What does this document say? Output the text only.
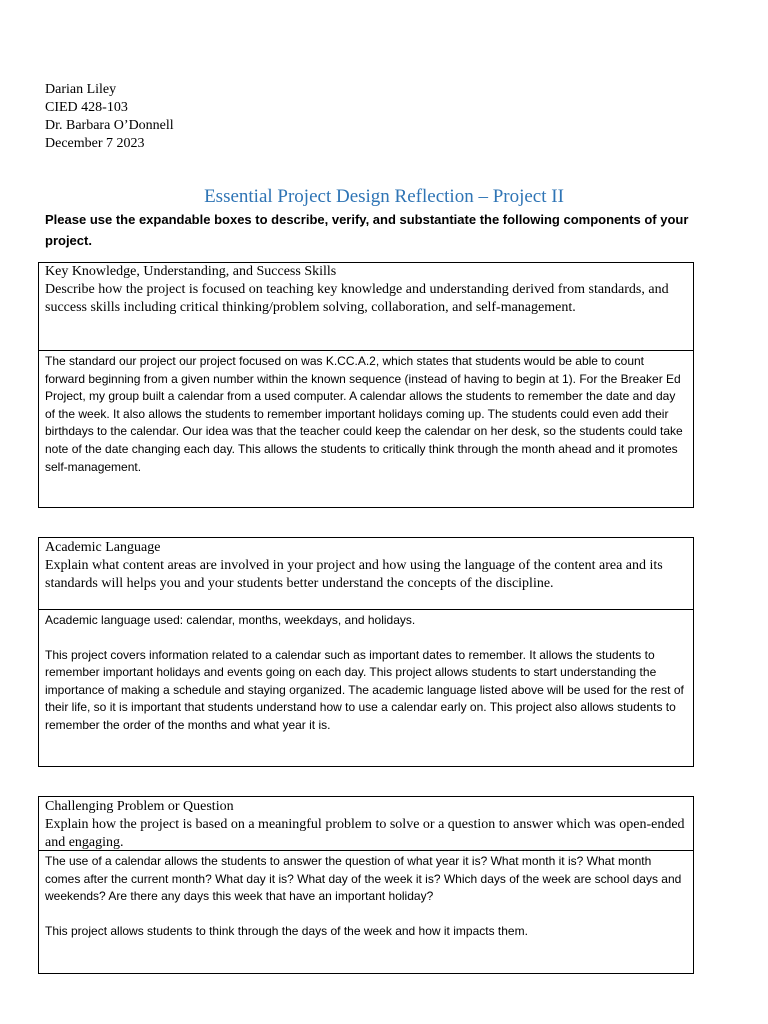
Darian Liley
CIED 428-103
Dr. Barbara O’Donnell
December 7 2023
Essential Project Design Reflection – Project II
Please use the expandable boxes to describe, verify, and substantiate the following components of your project.
Key Knowledge, Understanding, and Success Skills
Describe how the project is focused on teaching key knowledge and understanding derived from standards, and success skills including critical thinking/problem solving, collaboration, and self-management.

The standard our project our project focused on was K.CC.A.2, which states that students would be able to count forward beginning from a given number within the known sequence (instead of having to begin at 1). For the Breaker Ed Project, my group built a calendar from a used computer. A calendar allows the students to remember the date and day of the week. It also allows the students to remember important holidays coming up. The students could even add their birthdays to the calendar. Our idea was that the teacher could keep the calendar on her desk, so the students could take note of the date changing each day. This allows the students to critically think through the month ahead and it promotes self-management.

Academic Language
Explain what content areas are involved in your project and how using the language of the content area and its standards will helps you and your students better understand the concepts of the discipline.

Academic language used: calendar, months, weekdays, and holidays.

This project covers information related to a calendar such as important dates to remember. It allows the students to remember important holidays and events going on each day. This project allows students to start understanding the importance of making a schedule and staying organized. The academic language listed above will be used for the rest of their life, so it is important that students understand how to use a calendar early on. This project also allows students to remember the order of the months and what year it is.

Challenging Problem or Question
Explain how the project is based on a meaningful problem to solve or a question to answer which was open-ended and engaging.

The use of a calendar allows the students to answer the question of what year it is? What month it is? What month comes after the current month? What day it is? What day of the week it is? Which days of the week are school days and weekends? Are there any days this week that have an important holiday?

This project allows students to think through the days of the week and how it impacts them.
